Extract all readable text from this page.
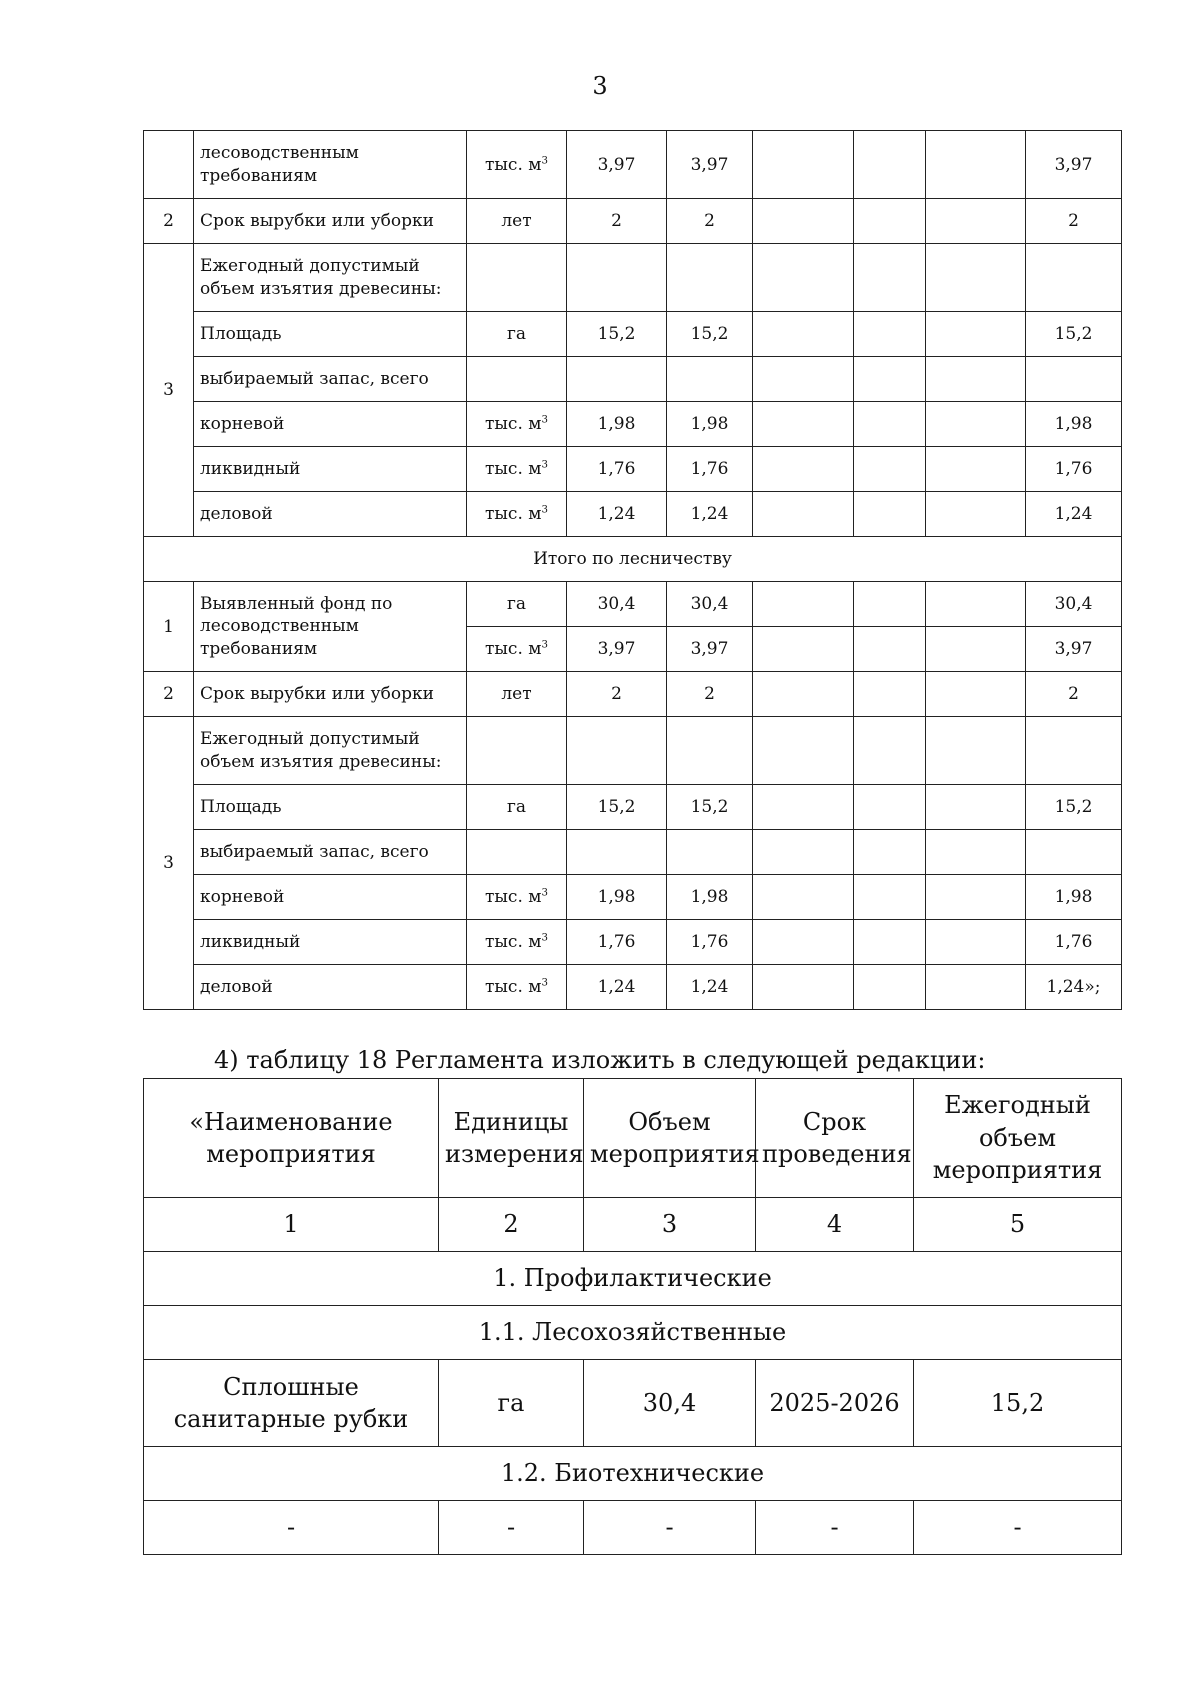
3
	лесоводственным требованиям	тыс. $м^3$	3,97	3,97				3,97
2	Срок вырубки или уборки	лет	2	2				2
3	Ежегодный допустимый объем изъятия древесины:							
	Площадь	га	15,2	15,2				15,2
	выбираемый запас, всего							
	корневой	тыс. $м^3$	1,98	1,98				1,98
	ликвидный	тыс. $м^3$	1,76	1,76				1,76
	деловой	тыс. $м^3$	1,24	1,24				1,24
Итого по лесничеству								
1	Выявленный фонд по лесоводственным требованиям	га	30,4	30,4				30,4
		тыс. $м^3$	3,97	3,97				3,97
2	Срок вырубки или уборки	лет	2	2				2
3	Ежегодный допустимый объем изъятия древесины:							
	Площадь	га	15,2	15,2				15,2
	выбираемый запас, всего							
	корневой	тыс. $м^3$	1,98	1,98				1,98
	ликвидный	тыс. $м^3$	1,76	1,76				1,76
	деловой	тыс. $м^3$	1,24	1,24				1,24»;
4) таблицу 18 Регламента изложить в следующей редакции:
«Наименование мероприятия	Единицы измерения	Объем мероприятия	Срок проведения	Ежегодный объем мероприятия
1	2	3	4	5
1. Профилактические				
1.1. Лесохозяйственные				
Сплошные санитарные рубки	га	30,4	2025-2026	15,2
1.2. Биотехнические				
-	-	-	-	-
